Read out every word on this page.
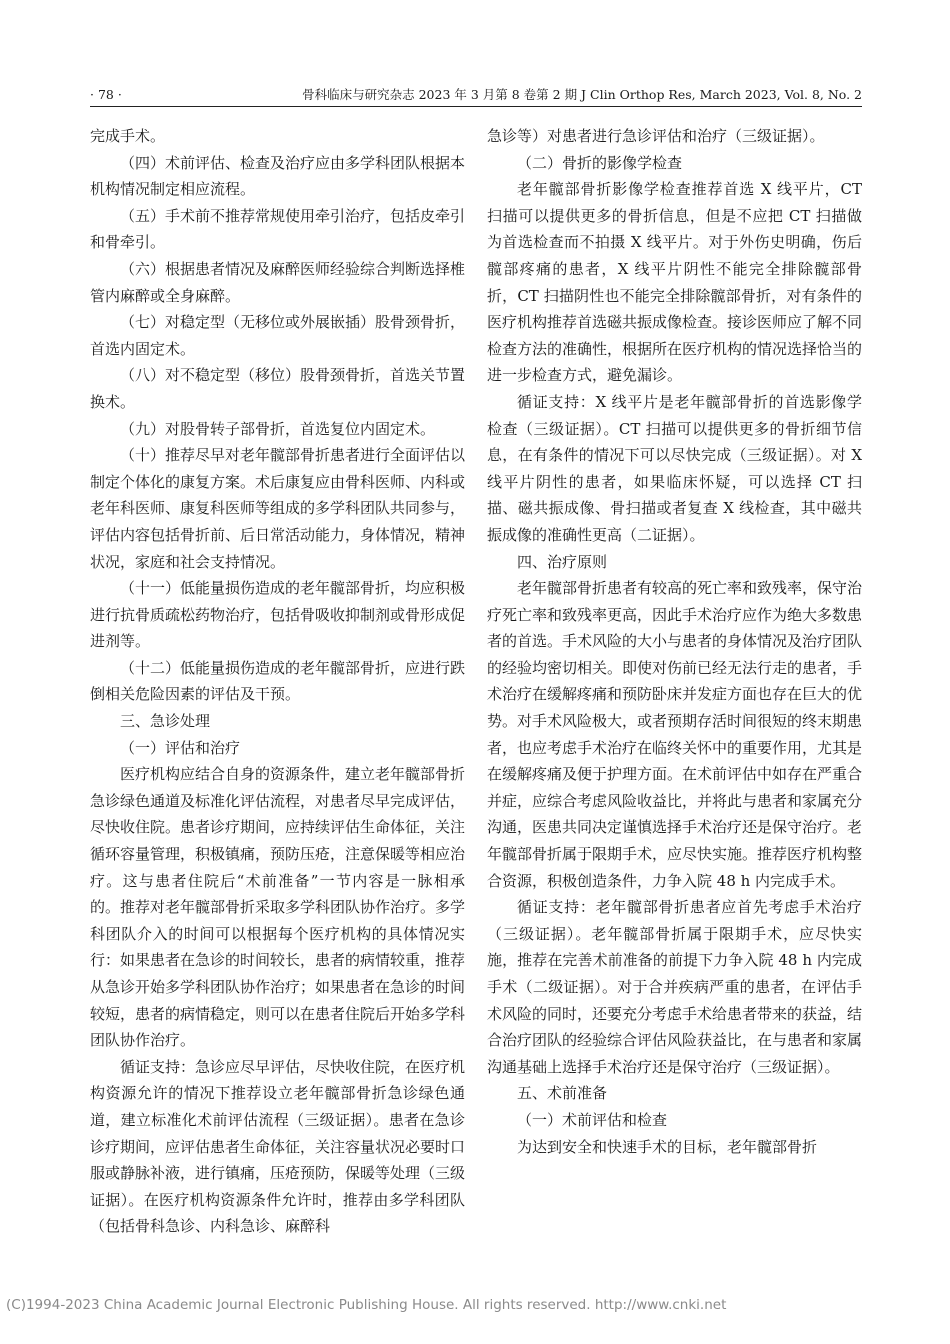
· 78 ·	骨科临床与研究杂志 2023 年 3 月第 8 卷第 2 期 J Clin Orthop Res, March 2023, Vol. 8, No. 2

完成手术。

（四）术前评估、检查及治疗应由多学科团队根据本机构情况制定相应流程。

（五）手术前不推荐常规使用牵引治疗，包括皮牵引和骨牵引。

（六）根据患者情况及麻醉医师经验综合判断选择椎管内麻醉或全身麻醉。

（七）对稳定型（无移位或外展嵌插）股骨颈骨折，首选内固定术。

（八）对不稳定型（移位）股骨颈骨折，首选关节置换术。

（九）对股骨转子部骨折，首选复位内固定术。

（十）推荐尽早对老年髋部骨折患者进行全面评估以制定个体化的康复方案。术后康复应由骨科医师、内科或老年科医师、康复科医师等组成的多学科团队共同参与，评估内容包括骨折前、后日常活动能力，身体情况，精神状况，家庭和社会支持情况。

（十一）低能量损伤造成的老年髋部骨折，均应积极进行抗骨质疏松药物治疗，包括骨吸收抑制剂或骨形成促进剂等。

（十二）低能量损伤造成的老年髋部骨折，应进行跌倒相关危险因素的评估及干预。

三、急诊处理

（一）评估和治疗

医疗机构应结合自身的资源条件，建立老年髋部骨折急诊绿色通道及标准化评估流程，对患者尽早完成评估，尽快收住院。患者诊疗期间，应持续评估生命体征，关注循环容量管理，积极镇痛，预防压疮，注意保暖等相应治疗。这与患者住院后“术前准备”一节内容是一脉相承的。推荐对老年髋部骨折采取多学科团队协作治疗。多学科团队介入的时间可以根据每个医疗机构的具体情况实行：如果患者在急诊的时间较长，患者的病情较重，推荐从急诊开始多学科团队协作治疗；如果患者在急诊的时间较短，患者的病情稳定，则可以在患者住院后开始多学科团队协作治疗。

循证支持：急诊应尽早评估，尽快收住院，在医疗机构资源允许的情况下推荐设立老年髋部骨折急诊绿色通道，建立标准化术前评估流程（三级证据）。患者在急诊诊疗期间，应评估患者生命体征，关注容量状况必要时口服或静脉补液，进行镇痛，压疮预防，保暖等处理（三级证据）。在医疗机构资源条件允许时，推荐由多学科团队（包括骨科急诊、内科急诊、麻醉科

急诊等）对患者进行急诊评估和治疗（三级证据）。

（二）骨折的影像学检查

老年髋部骨折影像学检查推荐首选 X 线平片，CT 扫描可以提供更多的骨折信息，但是不应把 CT 扫描做为首选检查而不拍摄 X 线平片。对于外伤史明确，伤后髋部疼痛的患者，X 线平片阴性不能完全排除髋部骨折，CT 扫描阴性也不能完全排除髋部骨折，对有条件的医疗机构推荐首选磁共振成像检查。接诊医师应了解不同检查方法的准确性，根据所在医疗机构的情况选择恰当的进一步检查方式，避免漏诊。

循证支持：X 线平片是老年髋部骨折的首选影像学检查（三级证据）。CT 扫描可以提供更多的骨折细节信息，在有条件的情况下可以尽快完成（三级证据）。对 X 线平片阴性的患者，如果临床怀疑，可以选择 CT 扫描、磁共振成像、骨扫描或者复查 X 线检查，其中磁共振成像的准确性更高（二证据）。

四、治疗原则

老年髋部骨折患者有较高的死亡率和致残率，保守治疗死亡率和致残率更高，因此手术治疗应作为绝大多数患者的首选。手术风险的大小与患者的身体情况及治疗团队的经验均密切相关。即使对伤前已经无法行走的患者，手术治疗在缓解疼痛和预防卧床并发症方面也存在巨大的优势。对手术风险极大，或者预期存活时间很短的终末期患者，也应考虑手术治疗在临终关怀中的重要作用，尤其是在缓解疼痛及便于护理方面。在术前评估中如存在严重合并症，应综合考虑风险收益比，并将此与患者和家属充分沟通，医患共同决定谨慎选择手术治疗还是保守治疗。老年髋部骨折属于限期手术，应尽快实施。推荐医疗机构整合资源，积极创造条件，力争入院 48 h 内完成手术。

循证支持：老年髋部骨折患者应首先考虑手术治疗（三级证据）。老年髋部骨折属于限期手术，应尽快实施，推荐在完善术前准备的前提下力争入院 48 h 内完成手术（二级证据）。对于合并疾病严重的患者，在评估手术风险的同时，还要充分考虑手术给患者带来的获益，结合治疗团队的经验综合评估风险获益比，在与患者和家属沟通基础上选择手术治疗还是保守治疗（三级证据）。

五、术前准备

（一）术前评估和检查

为达到安全和快速手术的目标，老年髋部骨折

(C)1994-2023 China Academic Journal Electronic Publishing House. All rights reserved. http://www.cnki.net
